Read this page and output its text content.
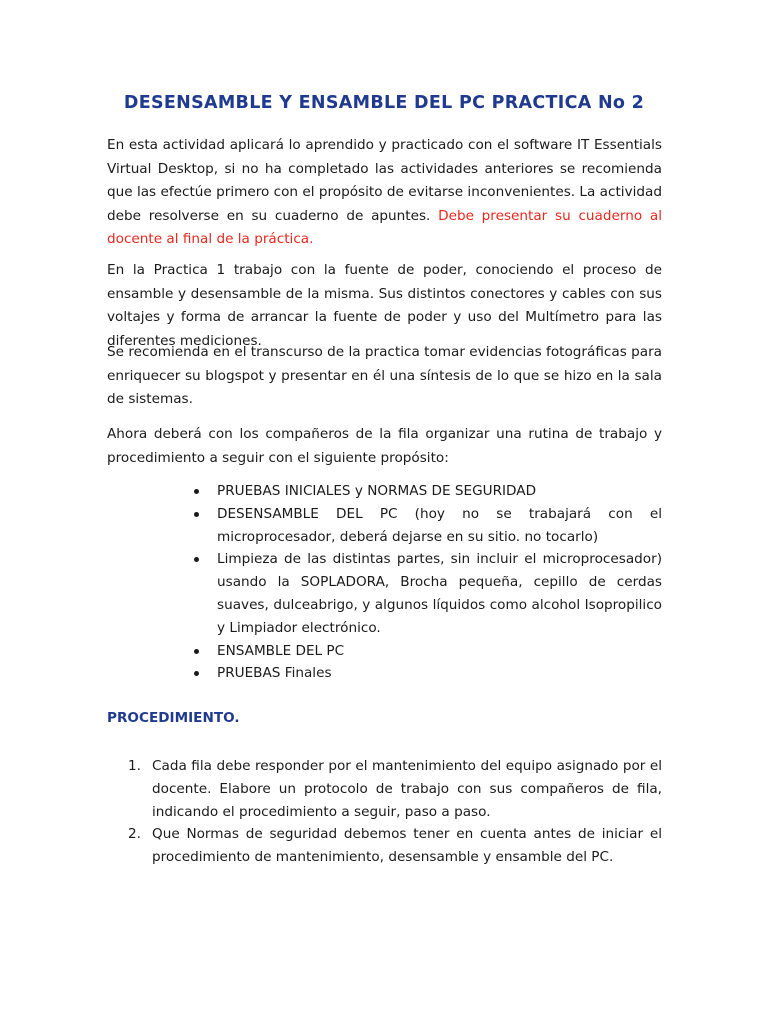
DESENSAMBLE Y ENSAMBLE DEL PC PRACTICA No 2

En esta actividad aplicará lo aprendido y practicado con el software IT Essentials Virtual Desktop, si no ha completado las actividades anteriores se recomienda que las efectúe primero con el propósito de evitarse inconvenientes. La actividad debe resolverse en su cuaderno de apuntes. Debe presentar su cuaderno al docente al final de la práctica.

En la Practica 1 trabajo con la fuente de poder, conociendo el proceso de ensamble y desensamble de la misma. Sus distintos conectores y cables con sus voltajes y forma de arrancar la fuente de poder y uso del Multímetro para las diferentes mediciones.

Se recomienda en el transcurso de la practica tomar evidencias fotográficas para enriquecer su blogspot y presentar en él una síntesis de lo que se hizo en la sala de sistemas.

Ahora deberá con los compañeros de la fila organizar una rutina de trabajo y procedimiento a seguir con el siguiente propósito:

PRUEBAS INICIALES y NORMAS DE SEGURIDAD
DESENSAMBLE DEL PC (hoy no se trabajará con el microprocesador, deberá dejarse en su sitio. no tocarlo)
Limpieza de las distintas partes, sin incluir el microprocesador) usando la SOPLADORA, Brocha pequeña, cepillo de cerdas suaves, dulceabrigo, y algunos líquidos como alcohol Isopropilico y Limpiador electrónico.
ENSAMBLE DEL PC
PRUEBAS Finales
PROCEDIMIENTO.
1. Cada fila debe responder por el mantenimiento del equipo asignado por el docente. Elabore un protocolo de trabajo con sus compañeros de fila, indicando el procedimiento a seguir, paso a paso.
2. Que Normas de seguridad debemos tener en cuenta antes de iniciar el procedimiento de mantenimiento, desensamble y ensamble del PC.
